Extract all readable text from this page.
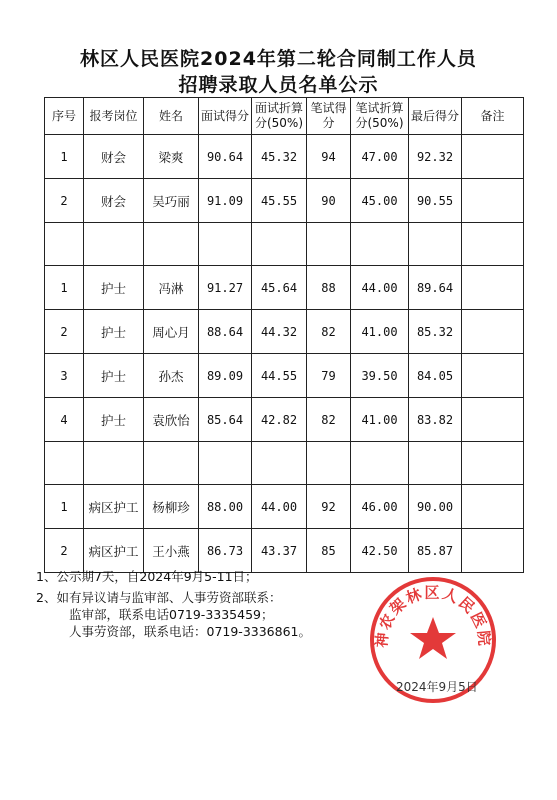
林区人民医院2024年第二轮合同制工作人员
招聘录取人员名单公示
序号	报考岗位	姓名	面试得分	面试折算分(50%)	笔试得分	笔试折算分(50%)	最后得分	备注
1	财会	梁爽	90.64	45.32	94	47.00	92.32	
2	财会	吴巧丽	91.09	45.55	90	45.00	90.55	

1	护士	冯淋	91.27	45.64	88	44.00	89.64	
2	护士	周心月	88.64	44.32	82	41.00	85.32	
3	护士	孙杰	89.09	44.55	79	39.50	84.05	
4	护士	袁欣怡	85.64	42.82	82	41.00	83.82	

1	病区护工	杨柳珍	88.00	44.00	92	46.00	90.00	
2	病区护工	王小燕	86.73	43.37	85	42.50	85.87	
1、公示期7天，自2024年9月5-11日；
2、如有异议请与监审部、人事劳资部联系：
监审部，联系电话0719-3335459；
人事劳资部，联系电话：0719-3336861。	神农架林区人民医院
2024年9月5日
